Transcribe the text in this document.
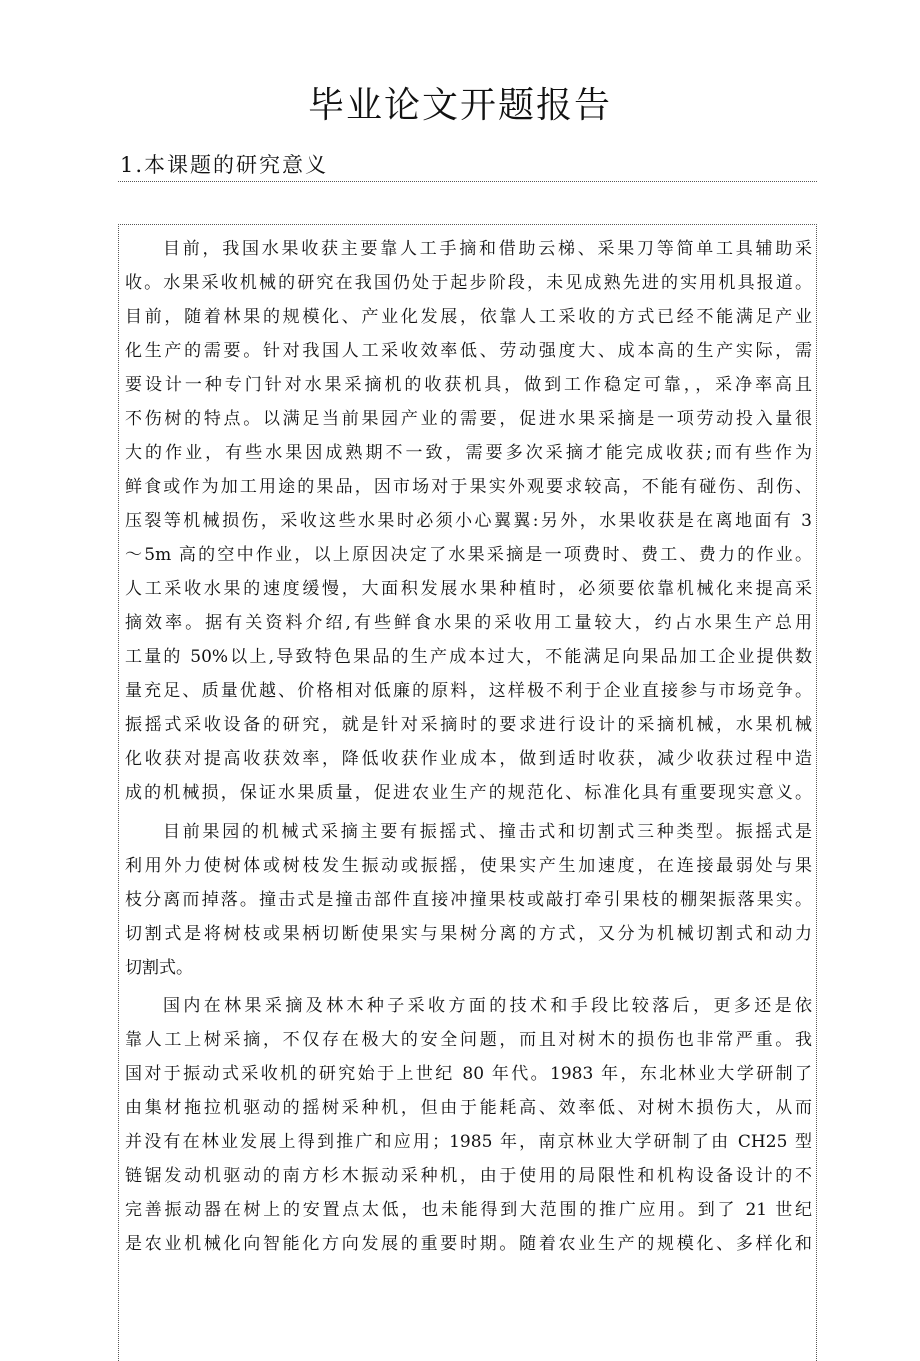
毕业论文开题报告
1.本课题的研究意义
目前，我国水果收获主要靠人工手摘和借助云梯、采果刀等简单工具辅助采
收。水果采收机械的研究在我国仍处于起步阶段，未见成熟先进的实用机具报道。
目前，随着林果的规模化、产业化发展，依靠人工采收的方式已经不能满足产业
化生产的需要。针对我国人工采收效率低、劳动强度大、成本高的生产实际，需
要设计一种专门针对水果采摘机的收获机具，做到工作稳定可靠，，采净率高且
不伤树的特点。以满足当前果园产业的需要，促进水果采摘是一项劳动投入量很
大的作业，有些水果因成熟期不一致，需要多次采摘才能完成收获;而有些作为
鲜食或作为加工用途的果品，因市场对于果实外观要求较高，不能有碰伤、刮伤、
压裂等机械损伤，采收这些水果时必须小心翼翼:另外，水果收获是在离地面有 3
～5m 高的空中作业，以上原因决定了水果采摘是一项费时、费工、费力的作业。
人工采收水果的速度缓慢，大面积发展水果种植时，必须要依靠机械化来提高采
摘效率。据有关资料介绍,有些鲜食水果的采收用工量较大，约占水果生产总用
工量的 50%以上,导致特色果品的生产成本过大，不能满足向果品加工企业提供数
量充足、质量优越、价格相对低廉的原料，这样极不利于企业直接参与市场竞争。
振摇式采收设备的研究，就是针对采摘时的要求进行设计的采摘机械，水果机械
化收获对提高收获效率，降低收获作业成本，做到适时收获，减少收获过程中造
成的机械损，保证水果质量，促进农业生产的规范化、标准化具有重要现实意义。
目前果园的机械式采摘主要有振摇式、撞击式和切割式三种类型。振摇式是
利用外力使树体或树枝发生振动或振摇，使果实产生加速度，在连接最弱处与果
枝分离而掉落。撞击式是撞击部件直接冲撞果枝或敲打牵引果枝的棚架振落果实。
切割式是将树枝或果柄切断使果实与果树分离的方式，又分为机械切割式和动力
切割式。
国内在林果采摘及林木种子采收方面的技术和手段比较落后，更多还是依
靠人工上树采摘，不仅存在极大的安全问题，而且对树木的损伤也非常严重。我
国对于振动式采收机的研究始于上世纪 80 年代。1983 年，东北林业大学研制了
由集材拖拉机驱动的摇树采种机，但由于能耗高、效率低、对树木损伤大，从而
并没有在林业发展上得到推广和应用；1985 年，南京林业大学研制了由 CH25 型
链锯发动机驱动的南方杉木振动采种机，由于使用的局限性和机构设备设计的不
完善振动器在树上的安置点太低，也未能得到大范围的推广应用。到了 21 世纪
是农业机械化向智能化方向发展的重要时期。随着农业生产的规模化、多样化和
